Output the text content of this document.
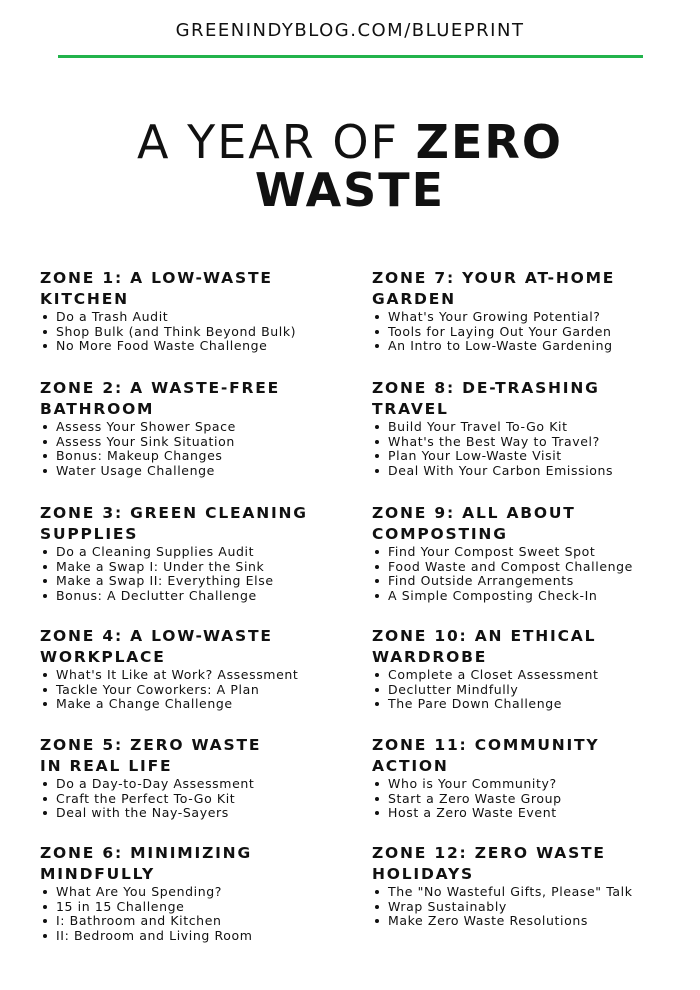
GREENINDYBLOG.COM/BLUEPRINT
A YEAR OF ZERO
WASTE
ZONE 1: A LOW-WASTE
KITCHEN
Do a Trash Audit
Shop Bulk (and Think Beyond Bulk)
No More Food Waste Challenge
ZONE 2: A WASTE-FREE
BATHROOM
Assess Your Shower Space
Assess Your Sink Situation
Bonus: Makeup Changes
Water Usage Challenge
ZONE 3: GREEN CLEANING
SUPPLIES
Do a Cleaning Supplies Audit
Make a Swap I: Under the Sink
Make a Swap II: Everything Else
Bonus: A Declutter Challenge
ZONE 4: A LOW-WASTE
WORKPLACE
What's It Like at Work? Assessment
Tackle Your Coworkers: A Plan
Make a Change Challenge
ZONE 5: ZERO WASTE
IN REAL LIFE
Do a Day-to-Day Assessment
Craft the Perfect To-Go Kit
Deal with the Nay-Sayers
ZONE 6: MINIMIZING
MINDFULLY
What Are You Spending?
15 in 15 Challenge
I: Bathroom and Kitchen
II: Bedroom and Living Room
ZONE 7: YOUR AT-HOME
GARDEN
What's Your Growing Potential?
Tools for Laying Out Your Garden
An Intro to Low-Waste Gardening
ZONE 8: DE-TRASHING
TRAVEL
Build Your Travel To-Go Kit
What's the Best Way to Travel?
Plan Your Low-Waste Visit
Deal With Your Carbon Emissions
ZONE 9: ALL ABOUT
COMPOSTING
Find Your Compost Sweet Spot
Food Waste and Compost Challenge
Find Outside Arrangements
A Simple Composting Check-In
ZONE 10: AN ETHICAL
WARDROBE
Complete a Closet Assessment
Declutter Mindfully
The Pare Down Challenge
ZONE 11: COMMUNITY
ACTION
Who is Your Community?
Start a Zero Waste Group
Host a Zero Waste Event
ZONE 12: ZERO WASTE
HOLIDAYS
The "No Wasteful Gifts, Please" Talk
Wrap Sustainably
Make Zero Waste Resolutions
